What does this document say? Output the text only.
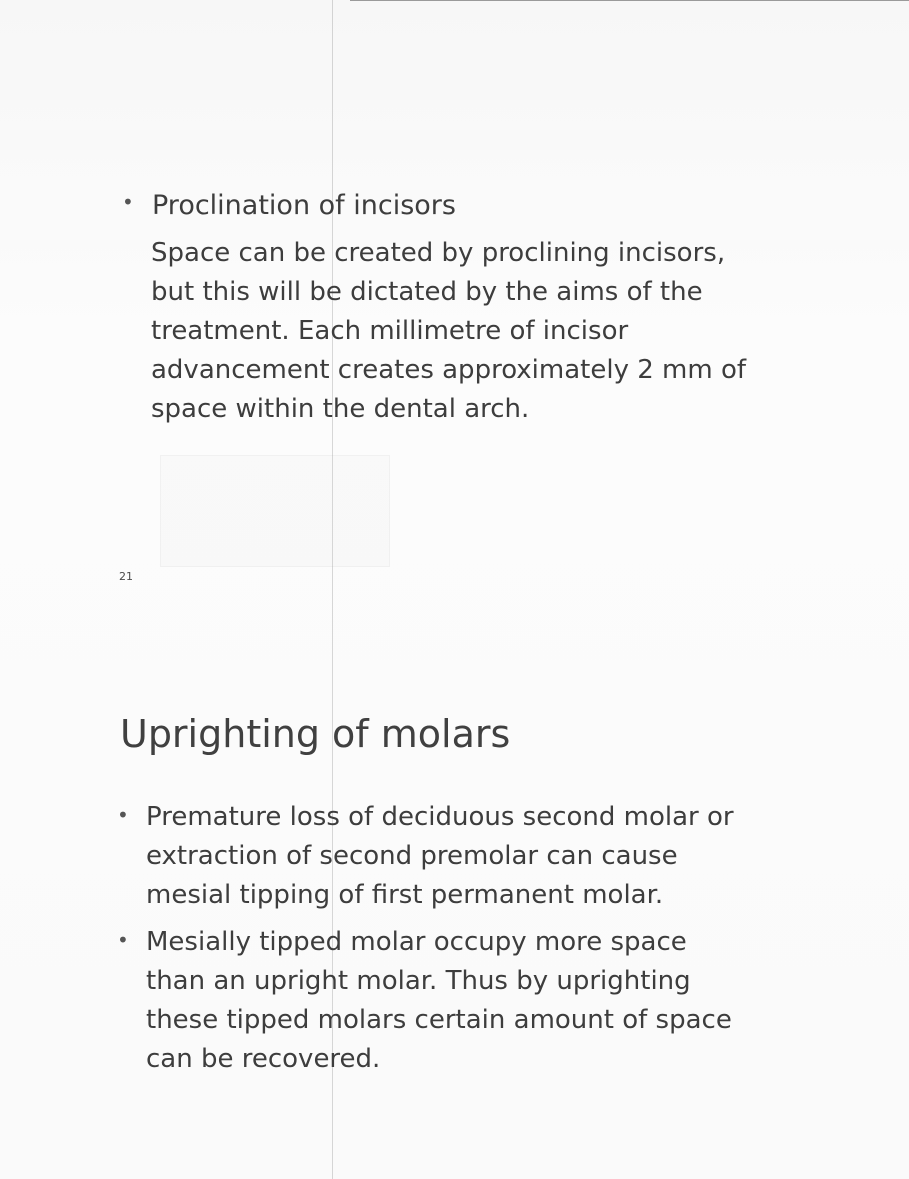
• Proclination of incisors
Space can be created by proclining incisors,
but this will be dictated by the aims of the
treatment. Each millimetre of incisor
advancement creates approximately 2 mm of
space within the dental arch.
21
Uprighting of molars
• Premature loss of deciduous second molar or
extraction of second premolar can cause
mesial tipping of first permanent molar.
• Mesially tipped molar occupy more space
than an upright molar. Thus by uprighting
these tipped molars certain amount of space
can be recovered.
